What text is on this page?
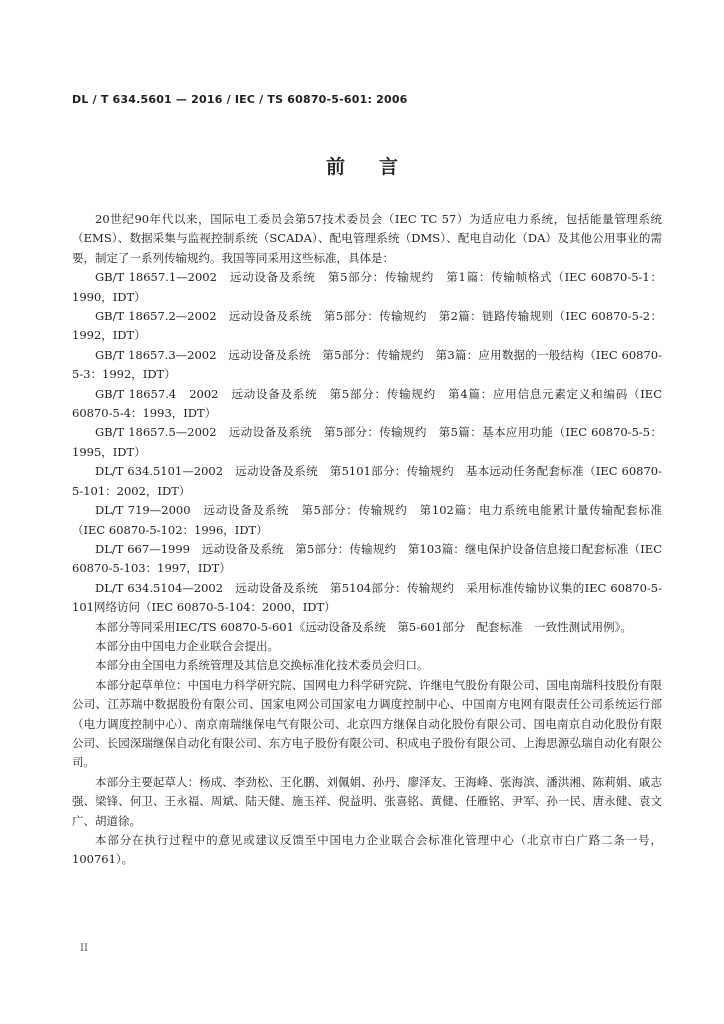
DL / T 634.5601 — 2016 / IEC / TS 60870-5-601: 2006
前言

20世纪90年代以来，国际电工委员会第57技术委员会（IEC TC 57）为适应电力系统，包括能量管理系统（EMS）、数据采集与监视控制系统（SCADA）、配电管理系统（DMS）、配电自动化（DA）及其他公用事业的需要，制定了一系列传输规约。我国等同采用这些标准，具体是：

GB/T 18657.1—2002　远动设备及系统　第5部分：传输规约　第1篇：传输帧格式（IEC 60870-5-1：1990，IDT）

GB/T 18657.2—2002　远动设备及系统　第5部分：传输规约　第2篇：链路传输规则（IEC 60870-5-2：1992，IDT）

GB/T 18657.3—2002　远动设备及系统　第5部分：传输规约　第3篇：应用数据的一般结构（IEC 60870-5-3：1992，IDT）

GB/T 18657.4　2002　远动设备及系统　第5部分：传输规约　第4篇：应用信息元素定义和编码（IEC 60870-5-4：1993，IDT）

GB/T 18657.5—2002　远动设备及系统　第5部分：传输规约　第5篇：基本应用功能（IEC 60870-5-5：1995，IDT）

DL/T 634.5101—2002　远动设备及系统　第5101部分：传输规约　基本远动任务配套标准（IEC 60870-5-101：2002，IDT）

DL/T 719—2000　远动设备及系统　第5部分：传输规约　第102篇：电力系统电能累计量传输配套标准（IEC 60870-5-102：1996，IDT）

DL/T 667—1999　远动设备及系统　第5部分：传输规约　第103篇：继电保护设备信息接口配套标准（IEC 60870-5-103：1997，IDT）

DL/T 634.5104—2002　远动设备及系统　第5104部分：传输规约　采用标准传输协议集的IEC 60870-5-101网络访问（IEC 60870-5-104：2000，IDT）

本部分等同采用IEC/TS 60870-5-601《远动设备及系统　第5-601部分　配套标准　一致性测试用例》。

本部分由中国电力企业联合会提出。

本部分由全国电力系统管理及其信息交换标准化技术委员会归口。

本部分起草单位：中国电力科学研究院、国网电力科学研究院、许继电气股份有限公司、国电南瑞科技股份有限公司、江苏瑞中数据股份有限公司、国家电网公司国家电力调度控制中心、中国南方电网有限责任公司系统运行部（电力调度控制中心）、南京南瑞继保电气有限公司、北京四方继保自动化股份有限公司、国电南京自动化股份有限公司、长园深瑞继保自动化有限公司、东方电子股份有限公司、积成电子股份有限公司、上海思源弘瑞自动化有限公司。

本部分主要起草人：杨成、李劲松、王化鹏、刘佩娟、孙丹、廖泽友、王海峰、张海滨、潘洪湘、陈莉娟、戚志强、梁锋、何卫、王永福、周斌、陆天健、施玉祥、倪益明、张喜铭、黄健、任雁铭、尹军、孙一民、唐永健、袁文广、胡道徐。

本部分在执行过程中的意见或建议反馈至中国电力企业联合会标准化管理中心（北京市白广路二条一号，100761）。

II
